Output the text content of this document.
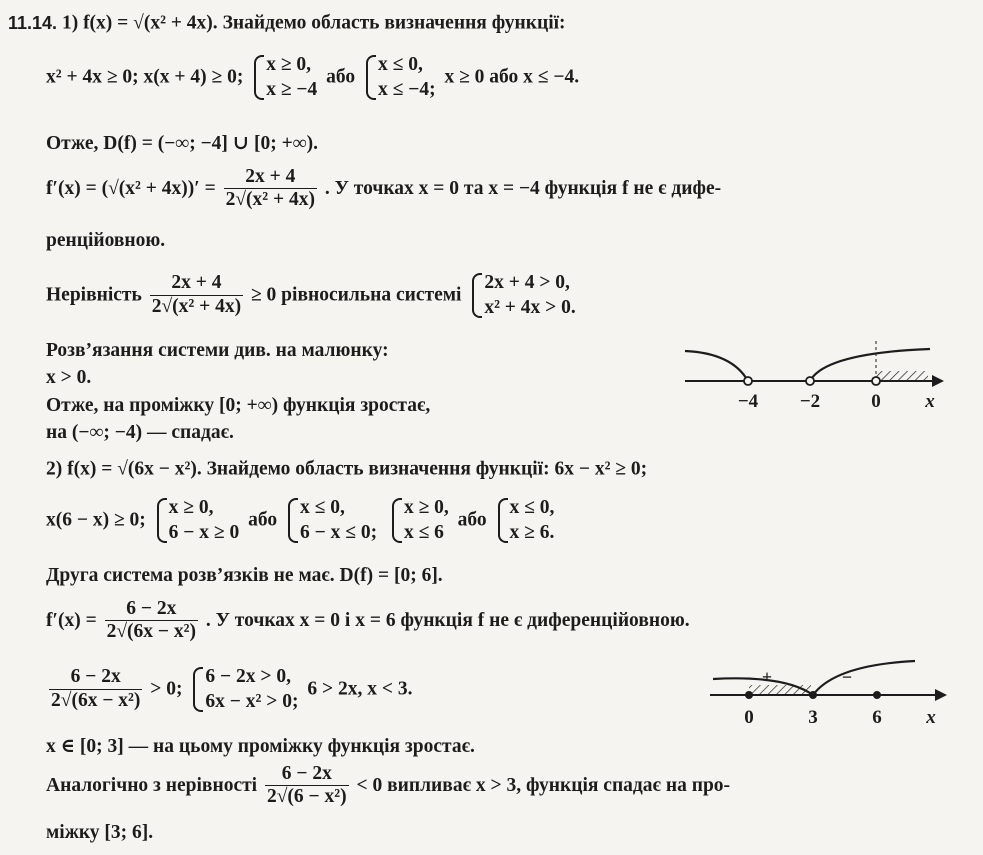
11.14. 1) f(x) = √(x² + 4x). Знайдемо область визначення функції:
x² + 4x ≥ 0; x(x + 4) ≥ 0;
x ≥ 0,
x ≥ −4
або
x ≤ 0,
x ≤ −4;
x ≥ 0 або x ≤ −4.
Отже, D(f) = (−∞; −4] ∪ [0; +∞).
$f'(x) = (√(x^2 + 4x))' = \frac{2x + 4}{\text{2√(x² + 4x)}}$ . У точках x = 0 та x = −4 функція f не є дифе-
ренційовною.
Нерівність $\frac{2x + 4}{\text{2√(x² + 4x)}} \ge 0$ рівносильна системі
2x + 4 > 0,
x² + 4x > 0.
Розв’язання системи див. на малюнку:
x > 0.
Отже, на проміжку [0; +∞) функція зростає,
на (−∞; −4) — спадає.
−4 −2	0 x
2) f(x) = √(6x − x²). Знайдемо область визначення функції: 6x − x² ≥ 0;
x(6 − x) ≥ 0;
x ≥ 0,
6 − x ≥ 0
або
x ≤ 0,
6 − x ≤ 0;

x ≥ 0,
x ≤ 6
або
x ≤ 0,
x ≥ 6.
Друга система розв’язків не має. D(f) = [0; 6].
$f'(x) = \frac{6 - 2x}{\text{2√(6x − x²)}}$ . У точках x = 0 і x = 6 функція f не є диференційовною.
$\frac{6 - 2x}{\text{2√(6x − x²)}} > 0$;
6 − 2x > 0,
6x − x² > 0;
6 > 2x, x < 3.
x ∈ [0; 3] — на цьому проміжку функція зростає.
Аналогічно з нерівності $\frac{6 - 2x}{\text{2√(6 − x²)}} < 0$ випливає x > 3, функція спадає на про-
міжку [3; 6].
+	−
0	3	6 x
